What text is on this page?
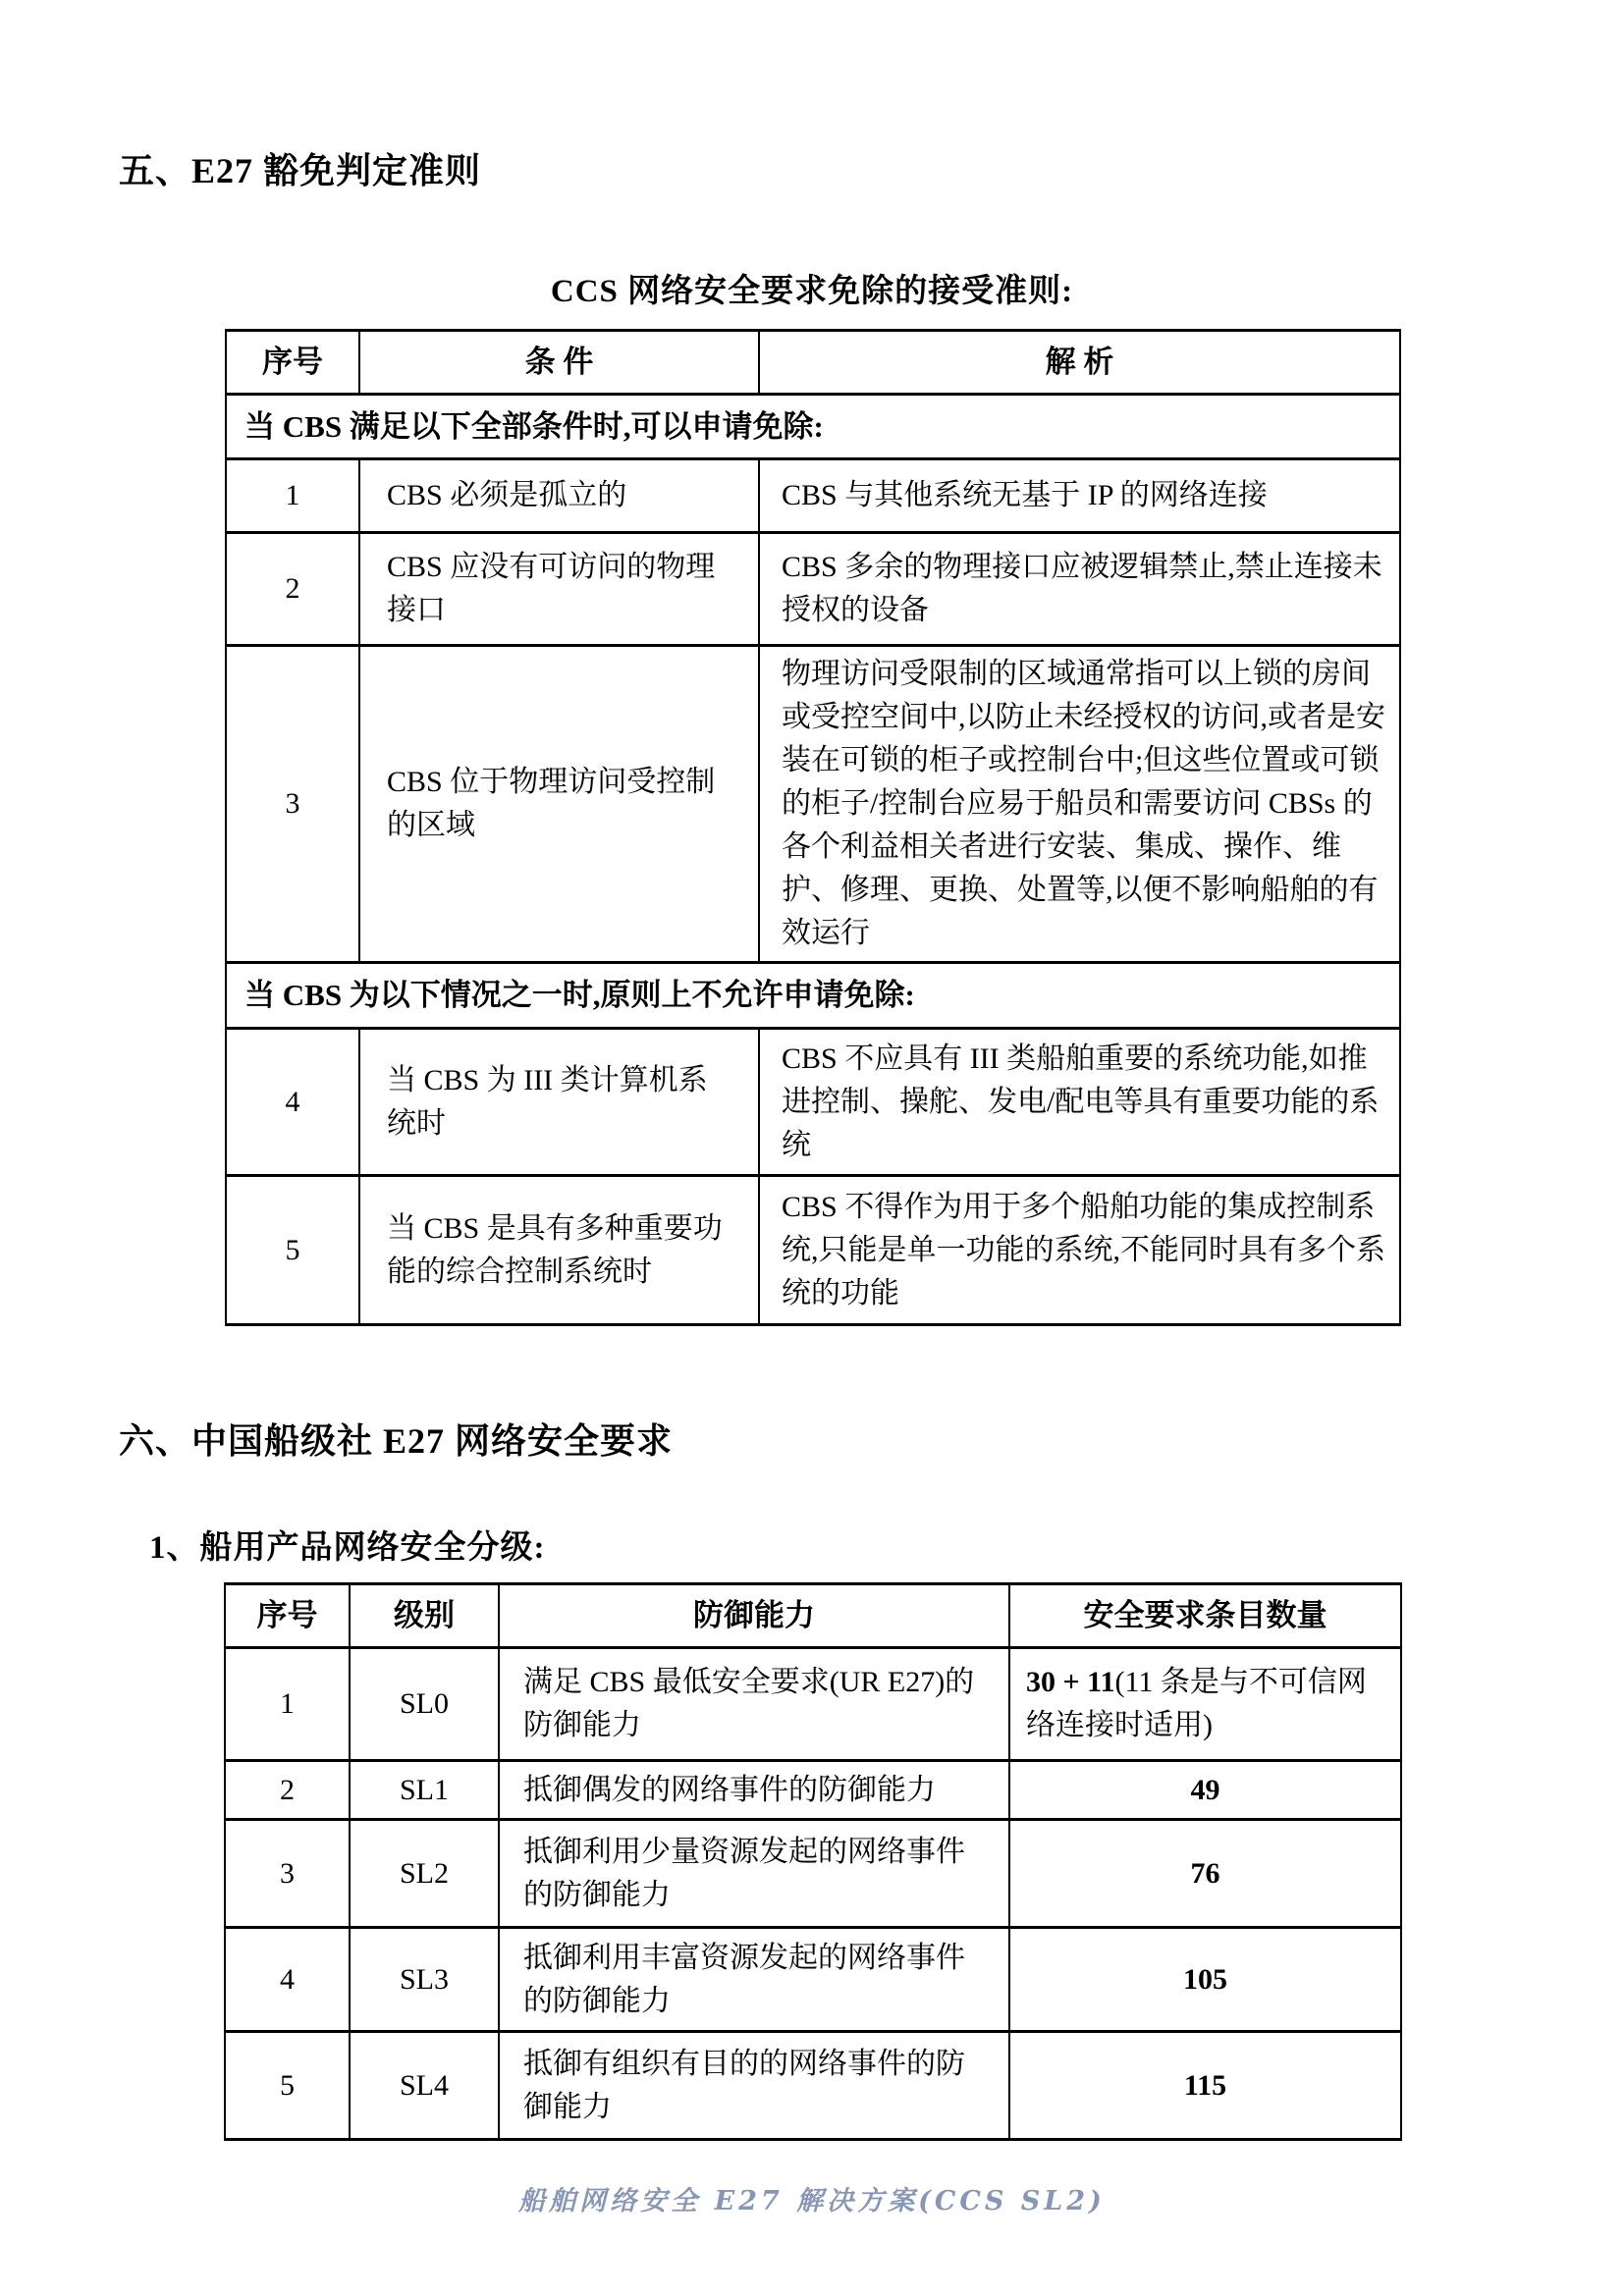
五、E27 豁免判定准则
CCS 网络安全要求免除的接受准则:
序号	条 件	解 析
当 CBS 满足以下全部条件时,可以申请免除:		
1	CBS 必须是孤立的	CBS 与其他系统无基于 IP 的网络连接
2	CBS 应没有可访问的物理接口	CBS 多余的物理接口应被逻辑禁止,禁止连接未授权的设备
3	CBS 位于物理访问受控制的区域	物理访问受限制的区域通常指可以上锁的房间或受控空间中,以防止未经授权的访问,或者是安装在可锁的柜子或控制台中;但这些位置或可锁的柜子/控制台应易于船员和需要访问 CBSs 的各个利益相关者进行安装、集成、操作、维护、修理、更换、处置等,以便不影响船舶的有效运行
当 CBS 为以下情况之一时,原则上不允许申请免除:		
4	当 CBS 为 III 类计算机系统时	CBS 不应具有 III 类船舶重要的系统功能,如推进控制、操舵、发电/配电等具有重要功能的系统
5	当 CBS 是具有多种重要功能的综合控制系统时	CBS 不得作为用于多个船舶功能的集成控制系统,只能是单一功能的系统,不能同时具有多个系统的功能
六、中国船级社 E27 网络安全要求
1、船用产品网络安全分级:
序号	级别	防御能力	安全要求条目数量
1	SL0	满足 CBS 最低安全要求(UR E27)的防御能力	30 + 11(11 条是与不可信网络连接时适用)
2	SL1	抵御偶发的网络事件的防御能力	49
3	SL2	抵御利用少量资源发起的网络事件的防御能力	76
4	SL3	抵御利用丰富资源发起的网络事件的防御能力	105
5	SL4	抵御有组织有目的的网络事件的防御能力	115
船舶网络安全 E27 解决方案(CCS SL2)
